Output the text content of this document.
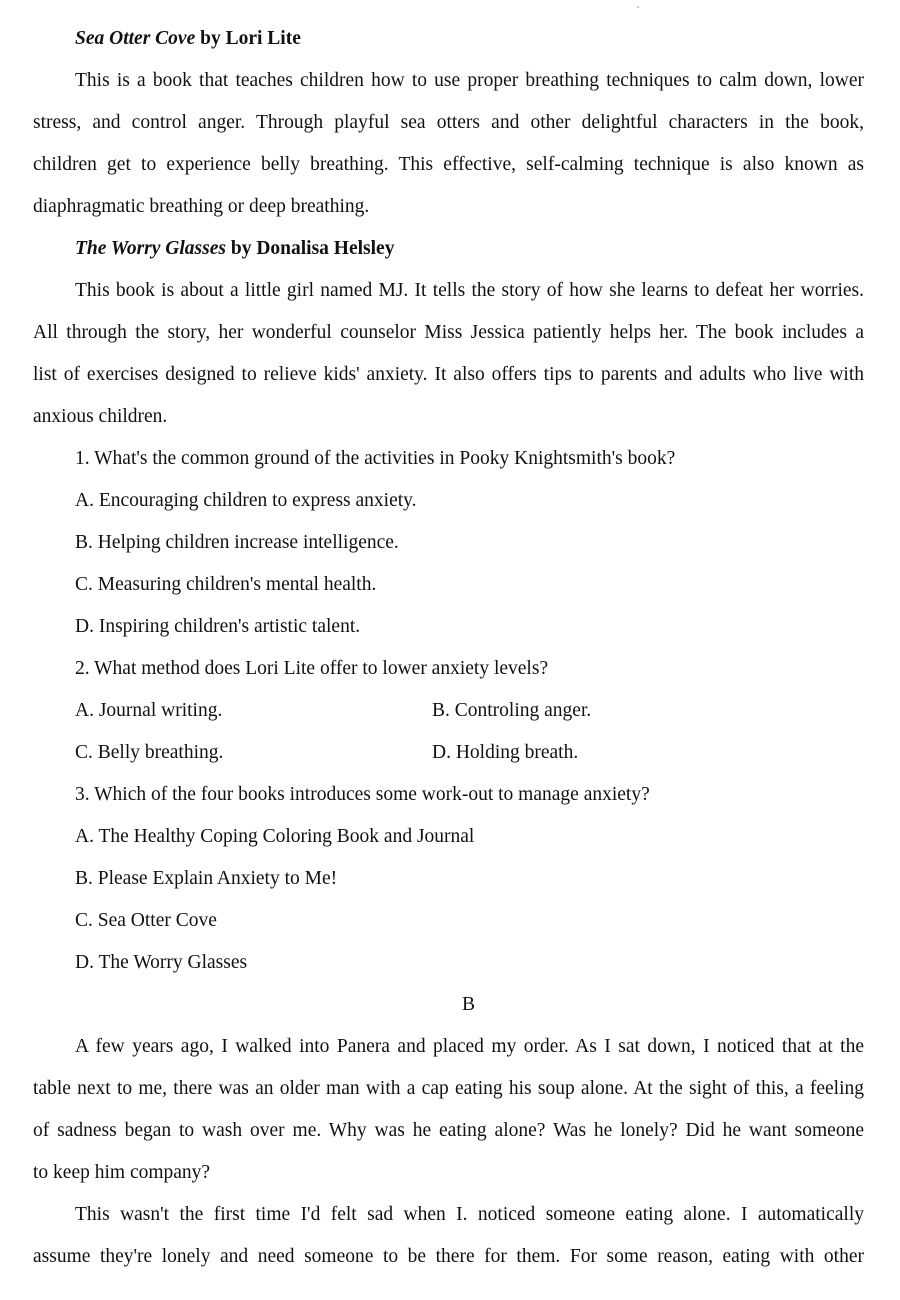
Sea Otter Cove by Lori Lite

This is a book that teaches children how to use proper breathing techniques to calm down, lower

stress, and control anger. Through playful sea otters and other delightful characters in the book,

children get to experience belly breathing. This effective, self-calming technique is also known as

diaphragmatic breathing or deep breathing.

The Worry Glasses by Donalisa Helsley

This book is about a little girl named MJ. It tells the story of how she learns to defeat her worries.

All through the story, her wonderful counselor Miss Jessica patiently helps her. The book includes a

list of exercises designed to relieve kids' anxiety. It also offers tips to parents and adults who live with

anxious children.

1. What's the common ground of the activities in Pooky Knightsmith's book?

A. Encouraging children to express anxiety.

B. Helping children increase intelligence.

C. Measuring children's mental health.

D. Inspiring children's artistic talent.

2. What method does Lori Lite offer to lower anxiety levels?

A. Journal writing.	B. Controling anger.
C. Belly breathing.	D. Holding breath.

3. Which of the four books introduces some work-out to manage anxiety?

A. The Healthy Coping Coloring Book and Journal

B. Please Explain Anxiety to Me!

C. Sea Otter Cove

D. The Worry Glasses

B

A few years ago, I walked into Panera and placed my order. As I sat down, I noticed that at the

table next to me, there was an older man with a cap eating his soup alone. At the sight of this, a feeling

of sadness began to wash over me. Why was he eating alone? Was he lonely? Did he want someone

to keep him company?

This wasn't the first time I'd felt sad when I. noticed someone eating alone. I automatically

assume they're lonely and need someone to be there for them. For some reason, eating with other
